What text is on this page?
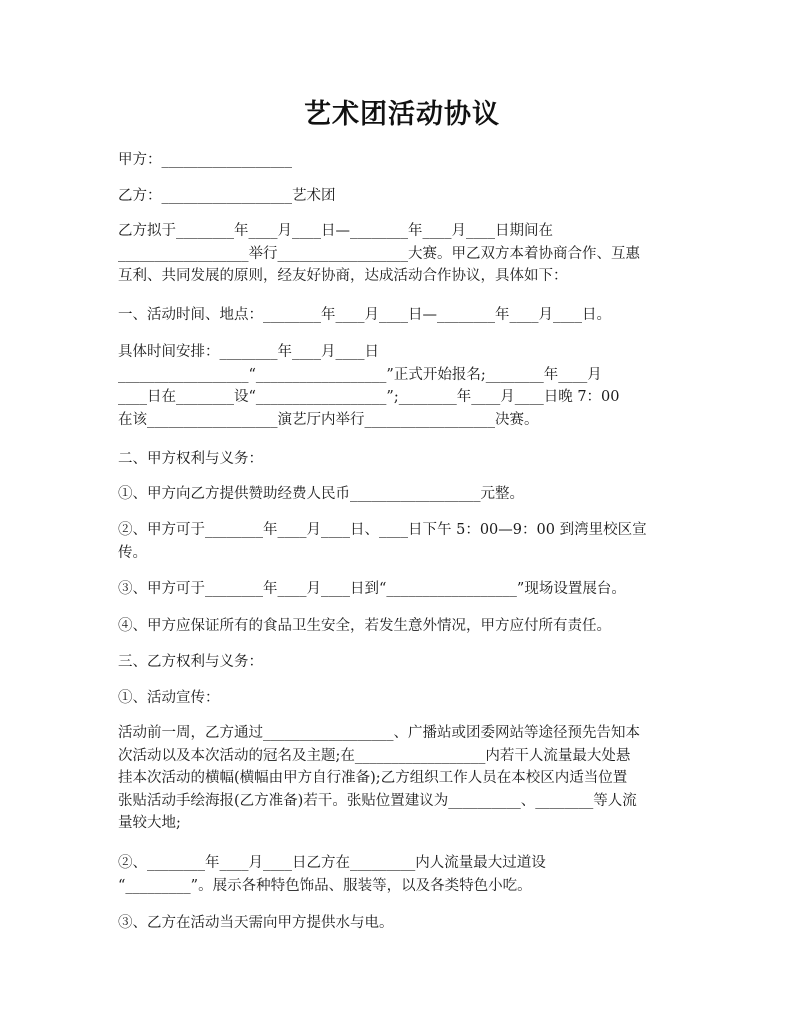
艺术团活动协议
甲方：__________________
乙方：__________________艺术团
乙方拟于________年____月____日—________年____月____日期间在
__________________举行__________________大赛。甲乙双方本着协商合作、互惠
互利、共同发展的原则，经友好协商，达成活动合作协议，具体如下：
一、活动时间、地点：________年____月____日—________年____月____日。
具体时间安排：________年____月____日
__________________“__________________”正式开始报名;________年____月
____日在________设“__________________”;________年____月____日晚 7：00
在该__________________演艺厅内举行__________________决赛。
二、甲方权利与义务：
①、甲方向乙方提供赞助经费人民币__________________元整。
②、甲方可于________年____月____日、____日下午 5：00—9：00 到湾里校区宣
传。
③、甲方可于________年____月____日到“__________________”现场设置展台。
④、甲方应保证所有的食品卫生安全，若发生意外情况，甲方应付所有责任。
三、乙方权利与义务：
①、活动宣传：
活动前一周，乙方通过__________________、广播站或团委网站等途径预先告知本
次活动以及本次活动的冠名及主题;在__________________内若干人流量最大处悬
挂本次活动的横幅(横幅由甲方自行准备);乙方组织工作人员在本校区内适当位置
张贴活动手绘海报(乙方准备)若干。张贴位置建议为__________、________等人流
量较大地;
②、________年____月____日乙方在_________内人流量最大过道设
“_________”。展示各种特色饰品、服装等，以及各类特色小吃。
③、乙方在活动当天需向甲方提供水与电。
